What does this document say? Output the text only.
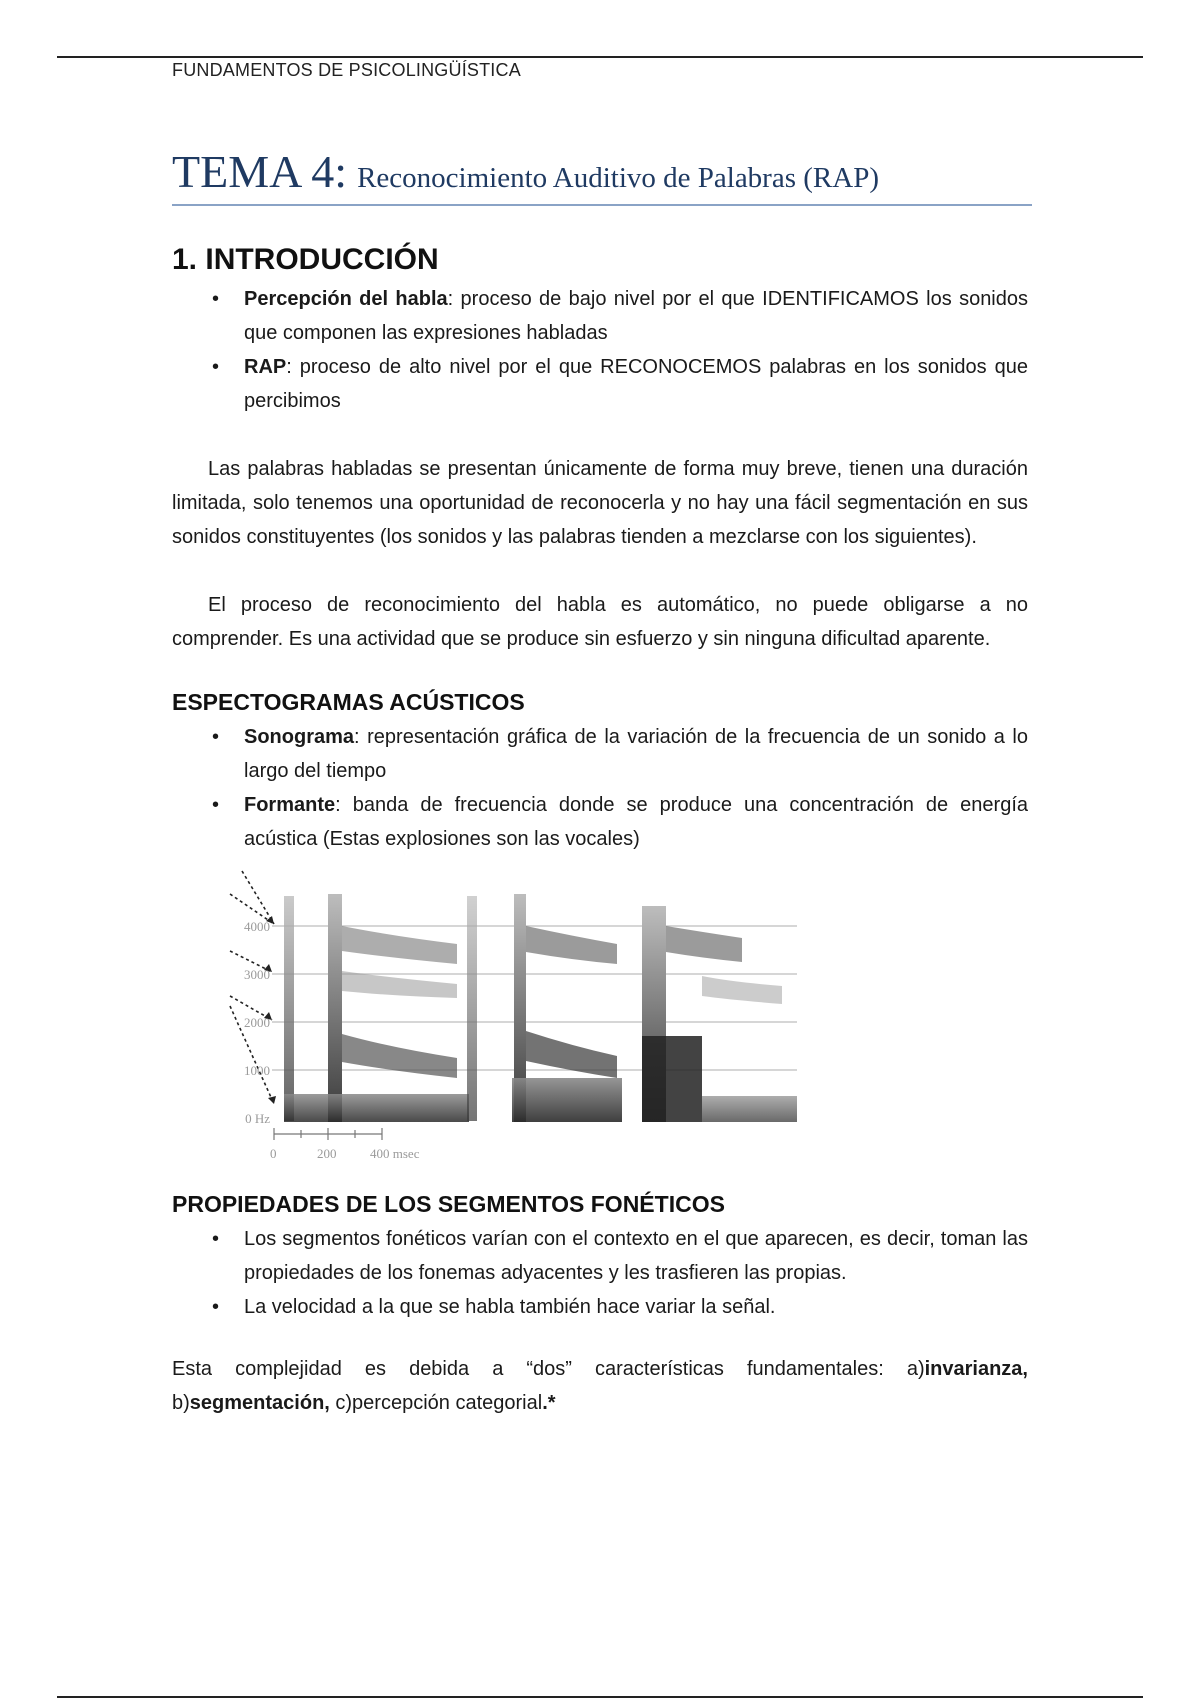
FUNDAMENTOS DE PSICOLINGÜÍSTICA
TEMA 4: Reconocimiento Auditivo de Palabras (RAP)
1. INTRODUCCIÓN
• Percepción del habla: proceso de bajo nivel por el que IDENTIFICAMOS los sonidos que componen las expresiones habladas
• RAP: proceso de alto nivel por el que RECONOCEMOS palabras en los sonidos que percibimos

Las palabras habladas se presentan únicamente de forma muy breve, tienen una duración limitada, solo tenemos una oportunidad de reconocerla y no hay una fácil segmentación en sus sonidos constituyentes (los sonidos y las palabras tienden a mezclarse con los siguientes).

El proceso de reconocimiento del habla es automático, no puede obligarse a no comprender. Es una actividad que se produce sin esfuerzo y sin ninguna dificultad aparente.

ESPECTOGRAMAS ACÚSTICOS
• Sonograma: representación gráfica de la variación de la frecuencia de un sonido a lo largo del tiempo
• Formante: banda de frecuencia donde se produce una concentración de energía acústica (Estas explosiones son las vocales)
4000
3000
2000
1000
0 Hz
0	200	400 msec
PROPIEDADES DE LOS SEGMENTOS FONÉTICOS
• Los segmentos fonéticos varían con el contexto en el que aparecen, es decir, toman las propiedades de los fonemas adyacentes y les trasfieren las propias.
• La velocidad a la que se habla también hace variar la señal.

Esta complejidad es debida a “dos” características fundamentales: a)invarianza, b)segmentación, c)percepción categorial.*
